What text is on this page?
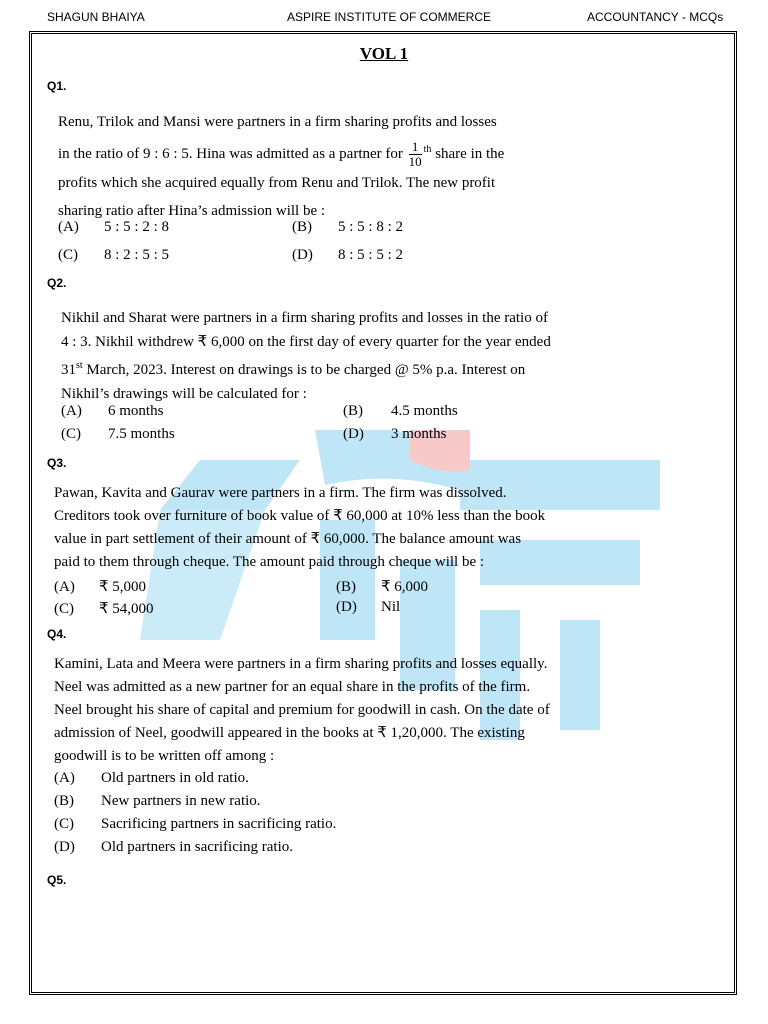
SHAGUN BHAIYA	ASPIRE INSTITUTE OF COMMERCE	ACCOUNTANCY - MCQs
VOL 1
Q1.
Renu, Trilok and Mansi were partners in a firm sharing profits and losses
in the ratio of 9 : 6 : 5. Hina was admitted as a partner for $\frac{1}{10} ^{th}$ share in the
profits which she acquired equally from Renu and Trilok. The new profit
sharing ratio after Hina’s admission will be :
(A) 5 : 5 : 2 : 8	(B) 5 : 5 : 8 : 2
(C) 8 : 2 : 5 : 5	(D) 8 : 5 : 5 : 2
Q2.
Nikhil and Sharat were partners in a firm sharing profits and losses in the ratio of
4 : 3. Nikhil withdrew ₹ 6,000 on the first day of every quarter for the year ended
31st March, 2023. Interest on drawings is to be charged @ 5% p.a. Interest on
Nikhil’s drawings will be calculated for :
(A) 6 months	(B) 4.5 months
(C) 7.5 months	(D) 3 months
Q3.
Pawan, Kavita and Gaurav were partners in a firm. The firm was dissolved.
Creditors took over furniture of book value of ₹ 60,000 at 10% less than the book
value in part settlement of their amount of ₹ 60,000. The balance amount was
paid to them through cheque. The amount paid through cheque will be :
(A) ₹ 5,000	(B) ₹ 6,000
(C) ₹ 54,000	(D) Nil
Q4.
Kamini, Lata and Meera were partners in a firm sharing profits and losses equally.
Neel was admitted as a new partner for an equal share in the profits of the firm.
Neel brought his share of capital and premium for goodwill in cash. On the date of
admission of Neel, goodwill appeared in the books at ₹ 1,20,000. The existing
goodwill is to be written off among :
(A) Old partners in old ratio.
(B) New partners in new ratio.
(C) Sacrificing partners in sacrificing ratio.
(D) Old partners in sacrificing ratio.
Q5.
